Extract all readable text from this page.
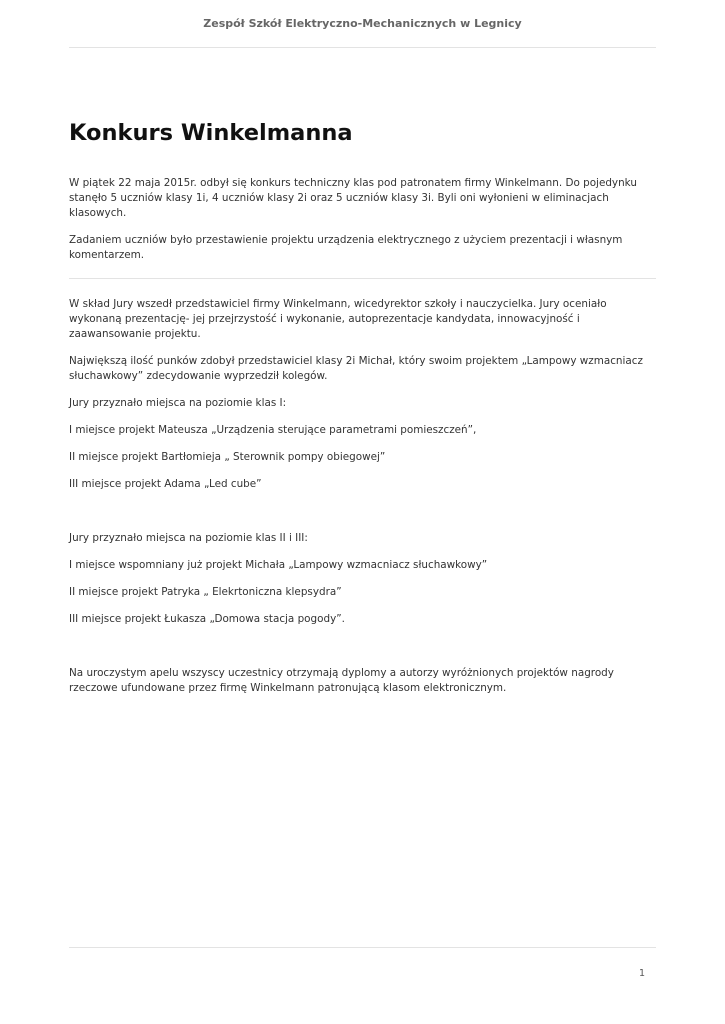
Zespół Szkół Elektryczno-Mechanicznych w Legnicy
Konkurs Winkelmanna

W piątek 22 maja 2015r. odbył się konkurs techniczny klas pod patronatem firmy Winkelmann. Do pojedynku stanęło 5 uczniów klasy 1i, 4 uczniów klasy 2i oraz 5 uczniów klasy 3i. Byli oni wyłonieni w eliminacjach klasowych.

Zadaniem uczniów było przestawienie projektu urządzenia elektrycznego z użyciem prezentacji i własnym komentarzem.

W skład Jury wszedł przedstawiciel firmy Winkelmann, wicedyrektor szkoły i nauczycielka. Jury oceniało wykonaną prezentację- jej przejrzystość i wykonanie, autoprezentacje kandydata, innowacyjność i zaawansowanie projektu.

Największą ilość punków zdobył przedstawiciel klasy 2i Michał, który swoim projektem „Lampowy wzmacniacz słuchawkowy” zdecydowanie wyprzedził kolegów.

Jury przyznało miejsca na poziomie klas I:

I miejsce projekt Mateusza „Urządzenia sterujące parametrami pomieszczeń”,

II miejsce projekt Bartłomieja „ Sterownik pompy obiegowej”

III miejsce projekt Adama „Led cube”

Jury przyznało miejsca na poziomie klas II i III:

I miejsce wspomniany już projekt Michała „Lampowy wzmacniacz słuchawkowy”

II miejsce projekt Patryka „ Elekrtoniczna klepsydra”

III miejsce projekt Łukasza „Domowa stacja pogody”.

Na uroczystym apelu wszyscy uczestnicy otrzymają dyplomy a autorzy wyróżnionych projektów nagrody rzeczowe ufundowane przez firmę Winkelmann patronującą klasom elektronicznym.

1
